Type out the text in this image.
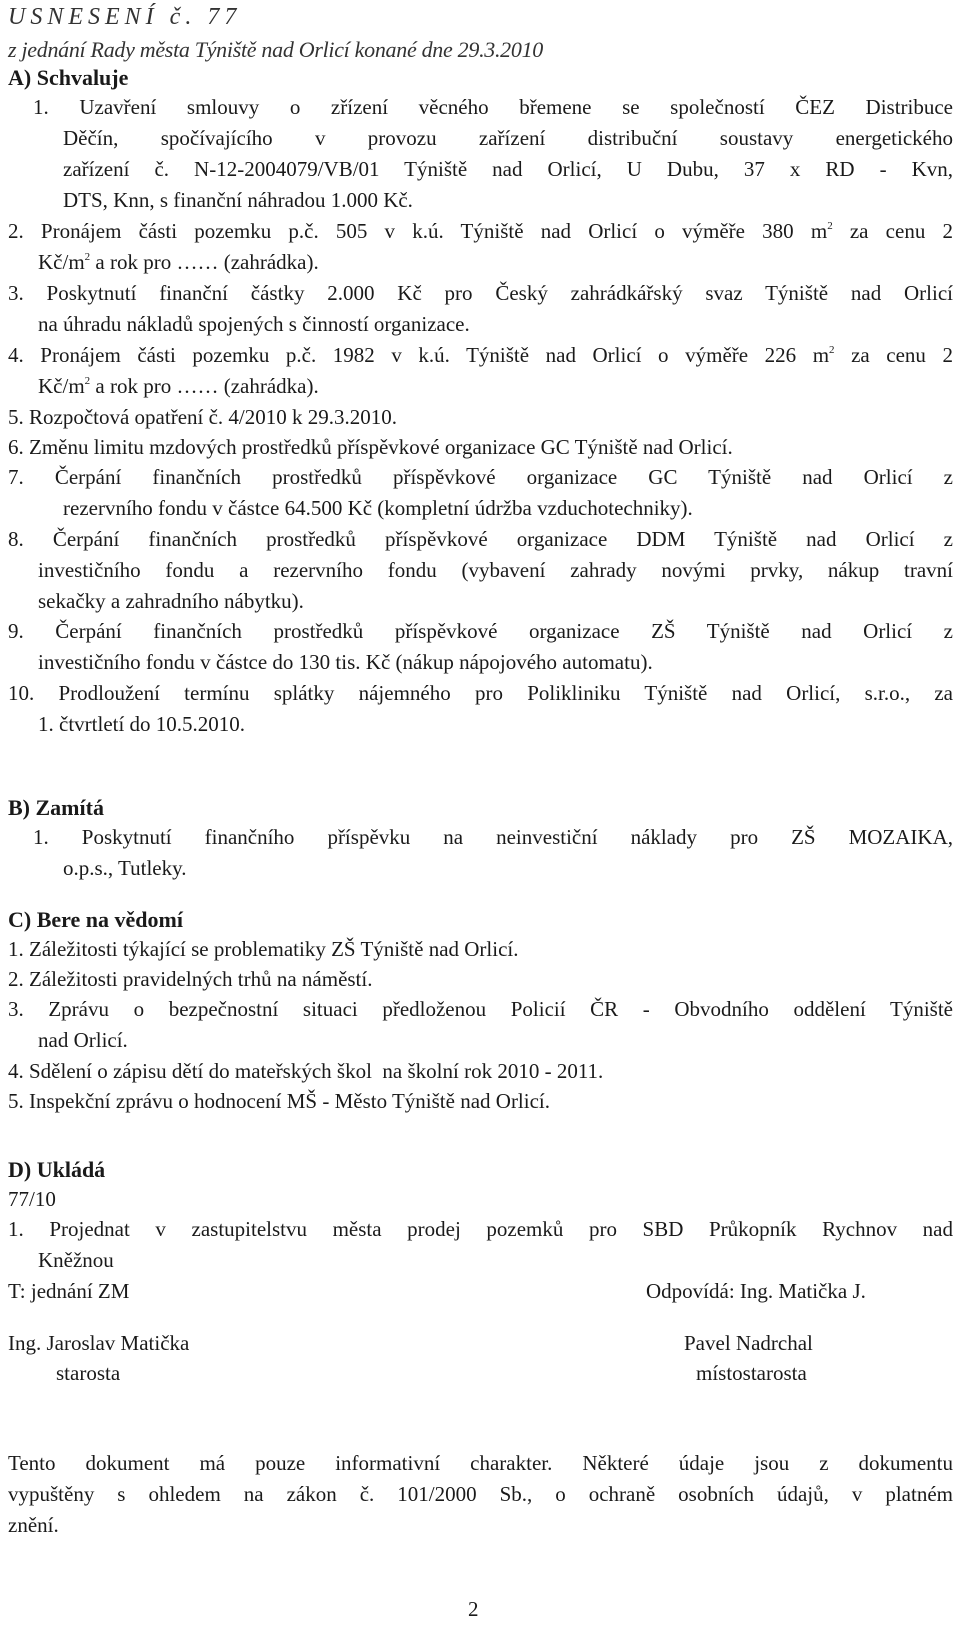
USNESENÍ č. 77
z jednání Rady města Týniště nad Orlicí konané dne 29.3.2010
A) Schvaluje
1. Uzavření smlouvy o zřízení věcného břemene se společností ČEZ Distribuce
Děčín, spočívajícího v provozu zařízení distribuční soustavy energetického
zařízení č. N-12-2004079/VB/01 Týniště nad Orlicí, U Dubu, 37 x RD - Kvn,
DTS, Knn, s finanční náhradou 1.000 Kč.
2. Pronájem části pozemku p.č. 505 v k.ú. Týniště nad Orlicí o výměře 380 $m^2$ za cenu 2
$Kč/m^2$ a rok pro …… (zahrádka).
3. Poskytnutí finanční částky 2.000 Kč pro Český zahrádkářský svaz Týniště nad Orlicí
na úhradu nákladů spojených s činností organizace.
4. Pronájem části pozemku p.č. 1982 v k.ú. Týniště nad Orlicí o výměře 226 $m^2$ za cenu 2
$Kč/m^2$ a rok pro …… (zahrádka).
5. Rozpočtová opatření č. 4/2010 k 29.3.2010.
6. Změnu limitu mzdových prostředků příspěvkové organizace GC Týniště nad Orlicí.
7. Čerpání finančních prostředků příspěvkové organizace GC Týniště nad Orlicí z
rezervního fondu v částce 64.500 Kč (kompletní údržba vzduchotechniky).
8. Čerpání finančních prostředků příspěvkové organizace DDM Týniště nad Orlicí z
investičního fondu a rezervního fondu (vybavení zahrady novými prvky, nákup travní
sekačky a zahradního nábytku).
9. Čerpání finančních prostředků příspěvkové organizace ZŠ Týniště nad Orlicí z
investičního fondu v částce do 130 tis. Kč (nákup nápojového automatu).
10. Prodloužení termínu splátky nájemného pro Polikliniku Týniště nad Orlicí, s.r.o., za
1. čtvrtletí do 10.5.2010.
B) Zamítá
1. Poskytnutí finančního příspěvku na neinvestiční náklady pro ZŠ MOZAIKA,
o.p.s., Tutleky.
C) Bere na vědomí
1. Záležitosti týkající se problematiky ZŠ Týniště nad Orlicí.
2. Záležitosti pravidelných trhů na náměstí.
3. Zprávu o bezpečnostní situaci předloženou Policií ČR - Obvodního oddělení Týniště
nad Orlicí.
4. Sdělení o zápisu dětí do mateřských škol  na školní rok 2010 - 2011.
5. Inspekční zprávu o hodnocení MŠ - Město Týniště nad Orlicí.
D) Ukládá
77/10
1. Projednat v zastupitelstvu města prodej pozemků pro SBD Průkopník Rychnov nad
Kněžnou
T: jednání ZM	Odpovídá: Ing. Matička J.
Ing. Jaroslav Matička
starosta
Pavel Nadrchal
místostarosta
Tento dokument má pouze informativní charakter. Některé údaje jsou z dokumentu
vypuštěny s ohledem na zákon č. 101/2000 Sb., o ochraně osobních údajů, v platném
znění.
2
